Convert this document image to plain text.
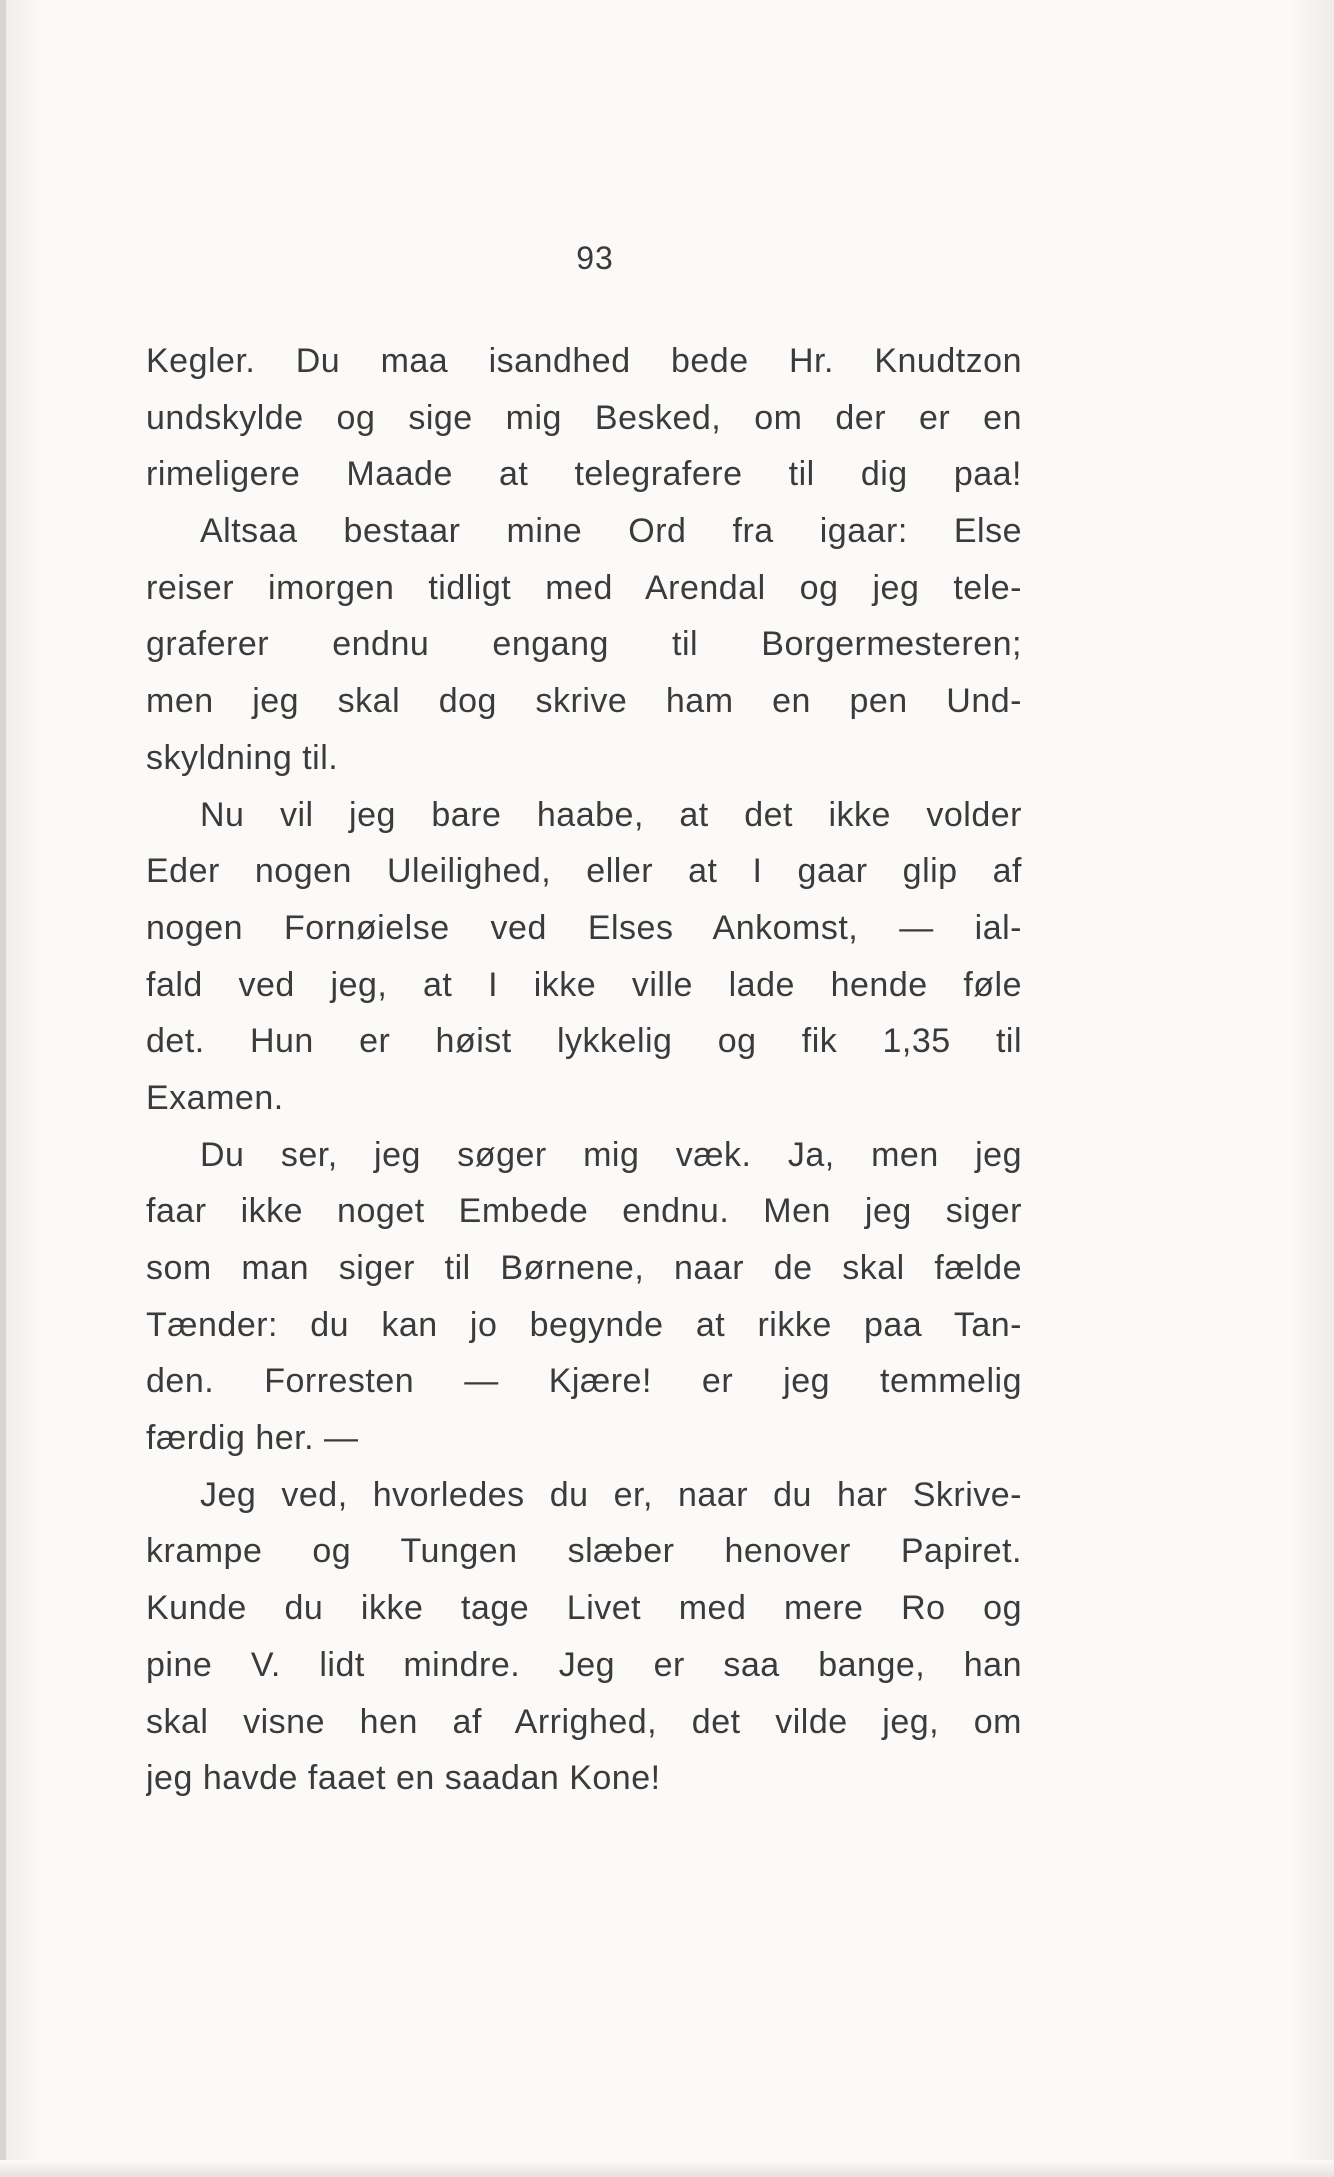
93
Kegler. Du maa isandhed bede Hr. Knudtzon
undskylde og sige mig Besked, om der er en
rimeligere Maade at telegrafere til dig paa!
Altsaa bestaar mine Ord fra igaar: Else
reiser imorgen tidligt med Arendal og jeg tele-
graferer endnu engang til Borgermesteren;
men jeg skal dog skrive ham en pen Und-
skyldning til.
Nu vil jeg bare haabe, at det ikke volder
Eder nogen Uleilighed, eller at I gaar glip af
nogen Fornøielse ved Elses Ankomst, — ial-
fald ved jeg, at I ikke ville lade hende føle
det. Hun er høist lykkelig og fik 1,35 til
Examen.
Du ser, jeg søger mig væk. Ja, men jeg
faar ikke noget Embede endnu. Men jeg siger
som man siger til Børnene, naar de skal fælde
Tænder: du kan jo begynde at rikke paa Tan-
den. Forresten — Kjære! er jeg temmelig
færdig her. —
Jeg ved, hvorledes du er, naar du har Skrive-
krampe og Tungen slæber henover Papiret.
Kunde du ikke tage Livet med mere Ro og
pine V. lidt mindre. Jeg er saa bange, han
skal visne hen af Arrighed, det vilde jeg, om
jeg havde faaet en saadan Kone!
